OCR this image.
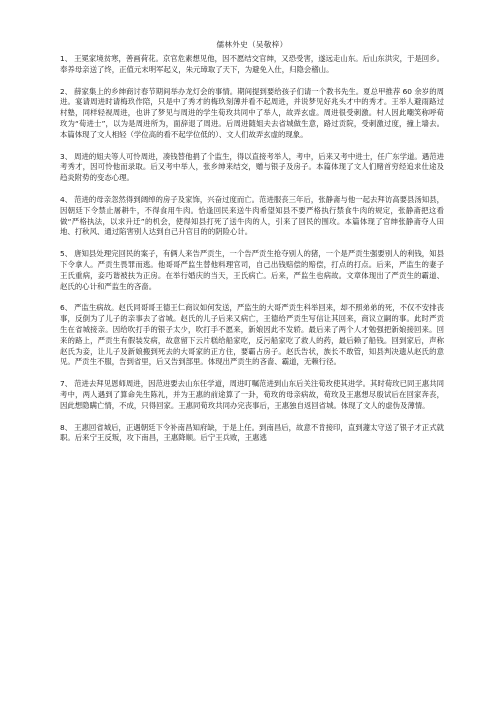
儒林外史（吴敬梓）

1、 王冕家境贫寒，善画荷花。京官危素想见他，因不愿结交官绅，又恐受害，遂远走山东。后山东洪灾，于是回乡。奉养母亲送了终，正值元末明军起义，朱元璋取了天下，为避免入仕，归隐会稽山。

2、 薛家集上的乡绅商讨春节期间举办龙灯会的事情。期间提到要给孩子们请一个教书先生。夏总甲推荐 60 余岁的周进。宴请周进时请梅玖作陪，只是中了秀才的梅玖刻薄并看不起周进，并说梦见好兆头才中的秀才。王举人避雨路过村塾，同样轻视周进，也讲了梦见与周进的学生荀玫共同中了举人，故弄玄虚。周进很受刺激。村人因此嘲笑称呼荀玫为“荀进士”，以为是周进所为，面辞退了周进。后周进随姐夫去省城做生意，路过贡院，受刺激过度，撞上墙去。本篇体现了文人相轻（学位高的看不起学位低的）、文人们故弄玄虚的现象。

3、 周进的姐夫等人可怜周进，凑钱替他捐了个监生，得以直接考举人，考中，后来又考中进士，任广东学道。遇范进考秀才，因可怜他而录取。后又考中举人，张乡绅来结交，赠与银子及房子。本篇体现了文人们赌首穷经追求仕途及趋炎附势的变态心理。

4、 范进的母亲忽然得到阔绰的房子及家饰，兴奋过度而亡。范进服丧三年后，张静斋与他一起去拜访高要县汤知县，因朝廷下令禁止屠耕牛，不得食用牛肉。恰逢回民来送牛肉希望知县不要严格执行禁食牛肉的规定，张静斋把这看做“严格执法，以求升迁”的机会，使得知县打死了送牛肉的人，引来了回民的围攻。本篇体现了官绅张静斋夺人田地、打秋风、通过陷害别人达到自己升官目的的阴险心计。

5、 唐知县处理完回民的案子，有俩人来告严贡生，一个告严贡生抢夺别人的猪，一个是严贡生强要别人的利钱，知县下令拿人。严贡生畏罪而逃。他哥哥严监生替他料理官司，自己出钱赔偿的赔偿，打点的打点。后来，严监生的妻子王氏重病，妾巧谐被扶为正房。在举行婚庆的当天，王氏病亡。后来，严监生也病故。文章体现出了严贡生的霸道、赵氏的心计和严监生的吝啬。

6、 严监生病故。赵氏同哥哥王德王仁商议如何发送，严监生的大哥严贡生科举回来，却不照弟弟的死，不仅不安排丧事，反倒为了儿子的亲事去了省城。赵氏的儿子后来又病亡，王德给严贡生写信让其回来，商议立嗣的事。此时严贡生在省城接亲。因给吹打手的银子太少，吹打手不愿来，新娘因此不发轿。最后来了两个人才勉强把新娘接回来。回来的路上，严贡生有假装发病，故意留下云片糕给船家吃，反污船家吃了救人的药，最后赖了船钱。回到家后，声称赵氏为妾，让儿子及新娘搬到死去的大哥家的正方住，要霸占房子。赵氏告状，族长不敢管，知县判决遗从赵氏的意见。严贡生不服，告到省里，后又告到部里。体现出严贡生的吝啬、霸道，无赖行径。

7、 范进去拜见恩师周进，因范进要去山东任学道，周进叮嘱范进到山东后关注荀玫使其进学。其时荀玫已同王惠共同考中，两人遇到了算命先生陈礼，并为王惠的前途算了一卦，荀玫的母亲病故，荀玫及王惠想尽殷试后在回家奔丧，因此想隐瞒亡情，不成，只得回家。王惠同荀玫共同办完丧事后，王惠独自返回省城。体现了文人的虚伪及薄情。

8、 王惠回省城后，正遇朝廷下令补南昌知府缺，于是上任。到南昌后，故意不肯接印，直到蘧太守送了银子才正式就职。后来宁王反叛，攻下南昌，王惠降顺。后宁王兵败，王惠逃
